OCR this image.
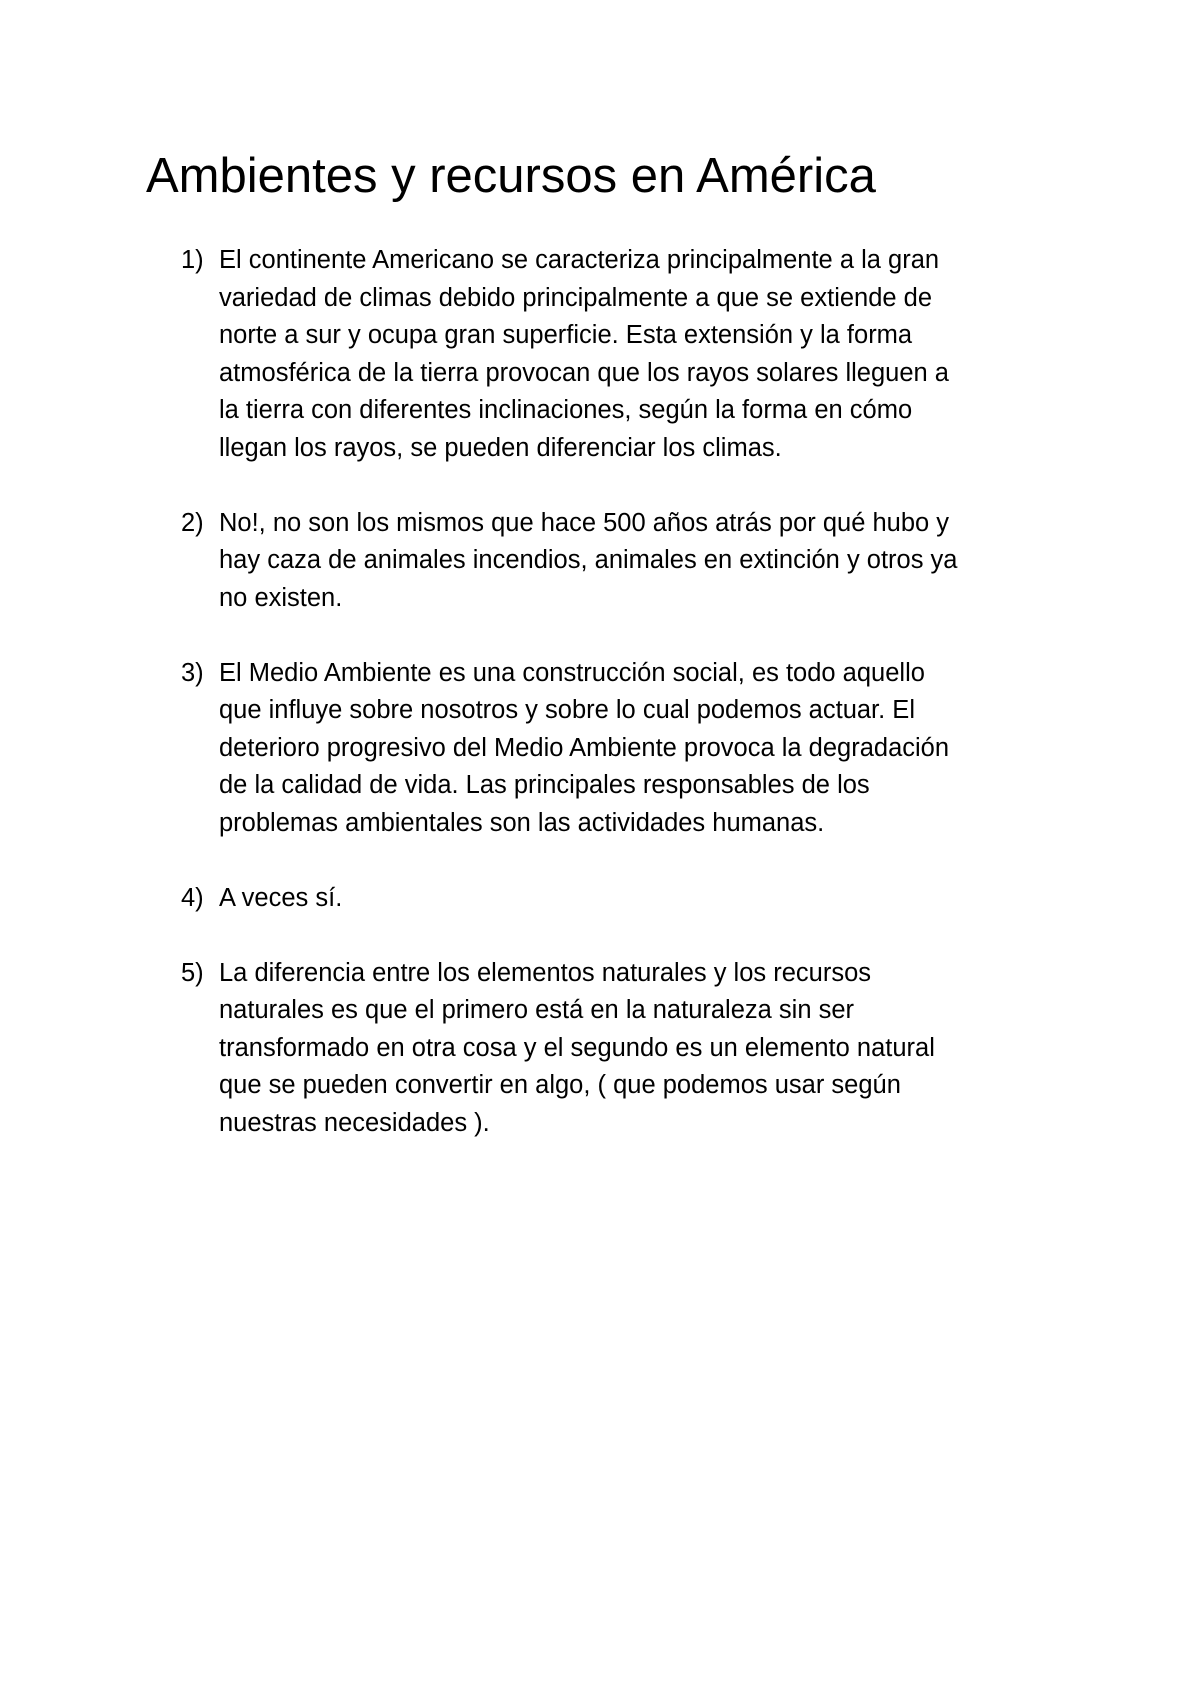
Ambientes y recursos en América
1) El continente Americano se caracteriza principalmente a la gran
variedad de climas debido principalmente a que se extiende de
norte a sur y ocupa gran superficie. Esta extensión y la forma
atmosférica de la tierra provocan que los rayos solares lleguen a
la tierra con diferentes inclinaciones, según la forma en cómo
llegan los rayos, se pueden diferenciar los climas.
2) No!, no son los mismos que hace 500 años atrás por qué hubo y
hay caza de animales incendios, animales en extinción y otros ya
no existen.
3) El Medio Ambiente es una construcción social, es todo aquello
que influye sobre nosotros y sobre lo cual podemos actuar. El
deterioro progresivo del Medio Ambiente provoca la degradación
de la calidad de vida. Las principales responsables de los
problemas ambientales son las actividades humanas.
4) A veces sí.
5) La diferencia entre los elementos naturales y los recursos
naturales es que el primero está en la naturaleza sin ser
transformado en otra cosa y el segundo es un elemento natural
que se pueden convertir en algo, ( que podemos usar según
nuestras necesidades ).
